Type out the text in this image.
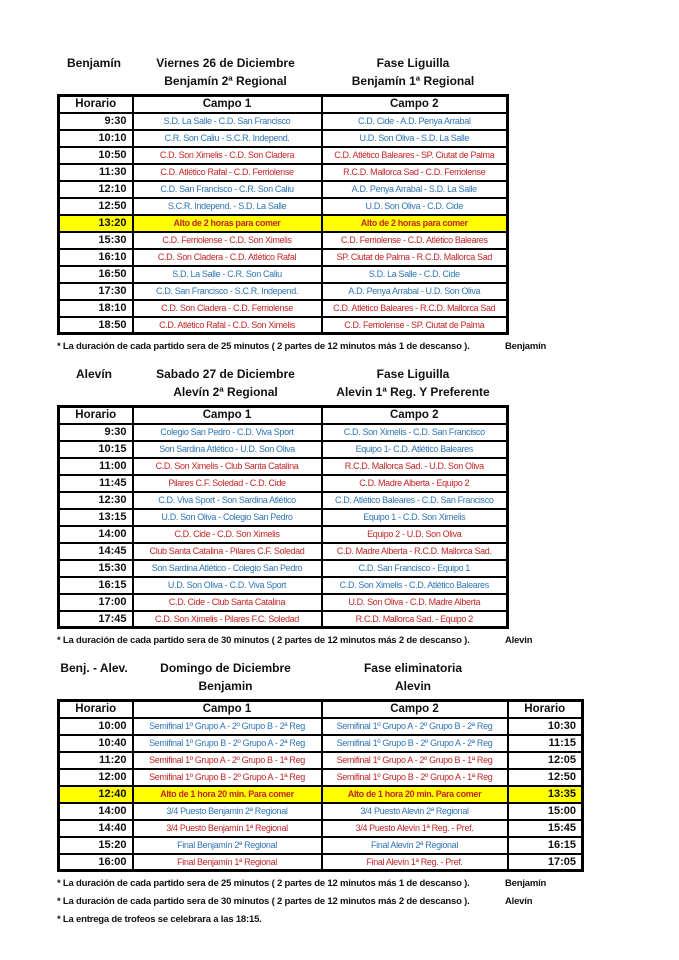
Benjamín	Viernes 26 de Diciembre	Fase Liguilla
Benjamín 2ª Regional	Benjamín 1ª Regional
Horario	Campo 1	Campo 2
9:30	S.D. La Salle - C.D. San Francisco	C.D. Cide - A.D. Penya Arrabal
10:10	C.R. Son Caliu - S.C.R. Independ.	U.D. Son Oliva - S.D. La Salle
10:50	C.D. Son Ximelis - C.D. Son Cladera	C.D. Atlético Baleares - SP. Ciutat de Palma
11:30	C.D. Atlético Rafal - C.D. Ferriolense	R.C.D. Mallorca Sad - C.D. Ferriolense
12:10	C.D. San Francisco - C.R. Son Caliu	A.D. Penya Arrabal - S.D. La Salle
12:50	S.C.R. Independ. - S.D. La Salle	U.D. Son Oliva - C.D. Cide
13:20	Alto de 2 horas para comer	Alto de 2 horas para comer
15:30	C.D. Ferriolense - C.D. Son Ximelis	C.D. Ferriolense - C.D. Atlético Baleares
16:10	C.D. Son Cladera - C.D. Atlético Rafal	SP. Ciutat de Palma - R.C.D. Mallorca Sad
16:50	S.D. La Salle - C.R. Son Caliu	S.D. La Salle - C.D. Cide
17:30	C.D. San Francisco - S.C.R. Independ.	A.D. Penya Arrabal - U.D. Son Oliva
18:10	C.D. Son Cladera - C.D. Ferriolense	C.D. Atlético Baleares - R.C.D. Mallorca Sad
18:50	C.D. Atlético Rafal - C.D. Son Ximelis	C.D. Ferriolense - SP. Ciutat de Palma
* La duración de cada partido sera de 25 minutos ( 2 partes de 12 minutos más 1 de descanso ).	Benjamín
Alevín	Sabado 27 de Diciembre	Fase Liguilla
Alevín 2ª Regional	Alevin 1ª Reg. Y Preferente
Horario	Campo 1	Campo 2
9:30	Colegio San Pedro - C.D. Viva Sport	C.D. Son Ximelis - C.D. San Francisco
10:15	Son Sardina Atlético - U.D. Son Oliva	Equipo 1- C.D. Atlético Baleares
11:00	C.D. Son Ximelis - Club Santa Catalina	R.C.D. Mallorca Sad. - U.D. Son Oliva
11:45	Pilares C.F. Soledad - C.D. Cide	C.D. Madre Alberta - Equipo 2
12:30	C.D. Viva Sport - Son Sardina Atlético	C.D. Atlético Baleares - C.D. San Francisco
13:15	U.D. Son Oliva - Colegio San Pedro	Equipo 1 - C.D. Son Ximelis
14:00	C.D. Cide - C.D. Son Ximelis	Equipo 2 - U.D. Son Oliva
14:45	Club Santa Catalina - Pilares C.F. Soledad	C.D. Madre Alberta - R.C.D. Mallorca Sad.
15:30	Son Sardina Atlético - Colegio San Pedro	C.D. San Francisco - Equipo 1
16:15	U.D. Son Oliva - C.D. Viva Sport	C.D. Son Ximelis - C.D. Atlético Baleares
17:00	C.D. Cide - Club Santa Catalina	U.D. Son Oliva - C.D. Madre Alberta
17:45	C.D. Son Ximelis - Pilares F.C. Soledad	R.C.D. Mallorca Sad. - Equipo 2
* La duración de cada partido sera de 30 minutos ( 2 partes de 12 minutos más 2 de descanso ).	Alevin
Benj. - Alev.	Domingo de Diciembre	Fase eliminatoria
Benjamin	Alevin
Horario	Campo 1	Campo 2	Horario
10:00	Semifinal 1º Grupo A - 2º Grupo B - 2ª Reg	Semifinal 1º Grupo A - 2º Grupo B - 2ª Reg	10:30
10:40	Semifinal 1º Grupo B - 2º Grupo A - 2ª Reg	Semifinal 1º Grupo B - 2º Grupo A - 2ª Reg	11:15
11:20	Semifinal 1º Grupo A - 2º Grupo B - 1ª Reg	Semifinal 1º Grupo A - 2º Grupo B - 1ª Reg	12:05
12:00	Semifinal 1º Grupo B - 2º Grupo A - 1ª Reg	Semifinal 1º Grupo B - 2º Grupo A - 1ª Reg	12:50
12:40	Alto de 1 hora 20 min. Para comer	Alto de 1 hora 20 min. Para comer	13:35
14:00	3/4 Puesto Benjamin 2ª Regional	3/4 Puesto Alevin 2ª Regional	15:00
14:40	3/4 Puesto Benjamín 1ª Regional	3/4 Puesto Alevín 1ª Reg. - Pref.	15:45
15:20	Final Benjamín 2ª Regional	Final Alevín 2ª Regional	16:15
16:00	Final Benjamín 1ª Regional	Final Alevín 1ª Reg. - Pref.	17:05
* La duración de cada partido sera de 25 minutos ( 2 partes de 12 minutos más 1 de descanso ).	Benjamín
* La duración de cada partido sera de 30 minutos ( 2 partes de 12 minutos más 2 de descanso ).	Alevín
* La entrega de trofeos se celebrara a las 18:15.
